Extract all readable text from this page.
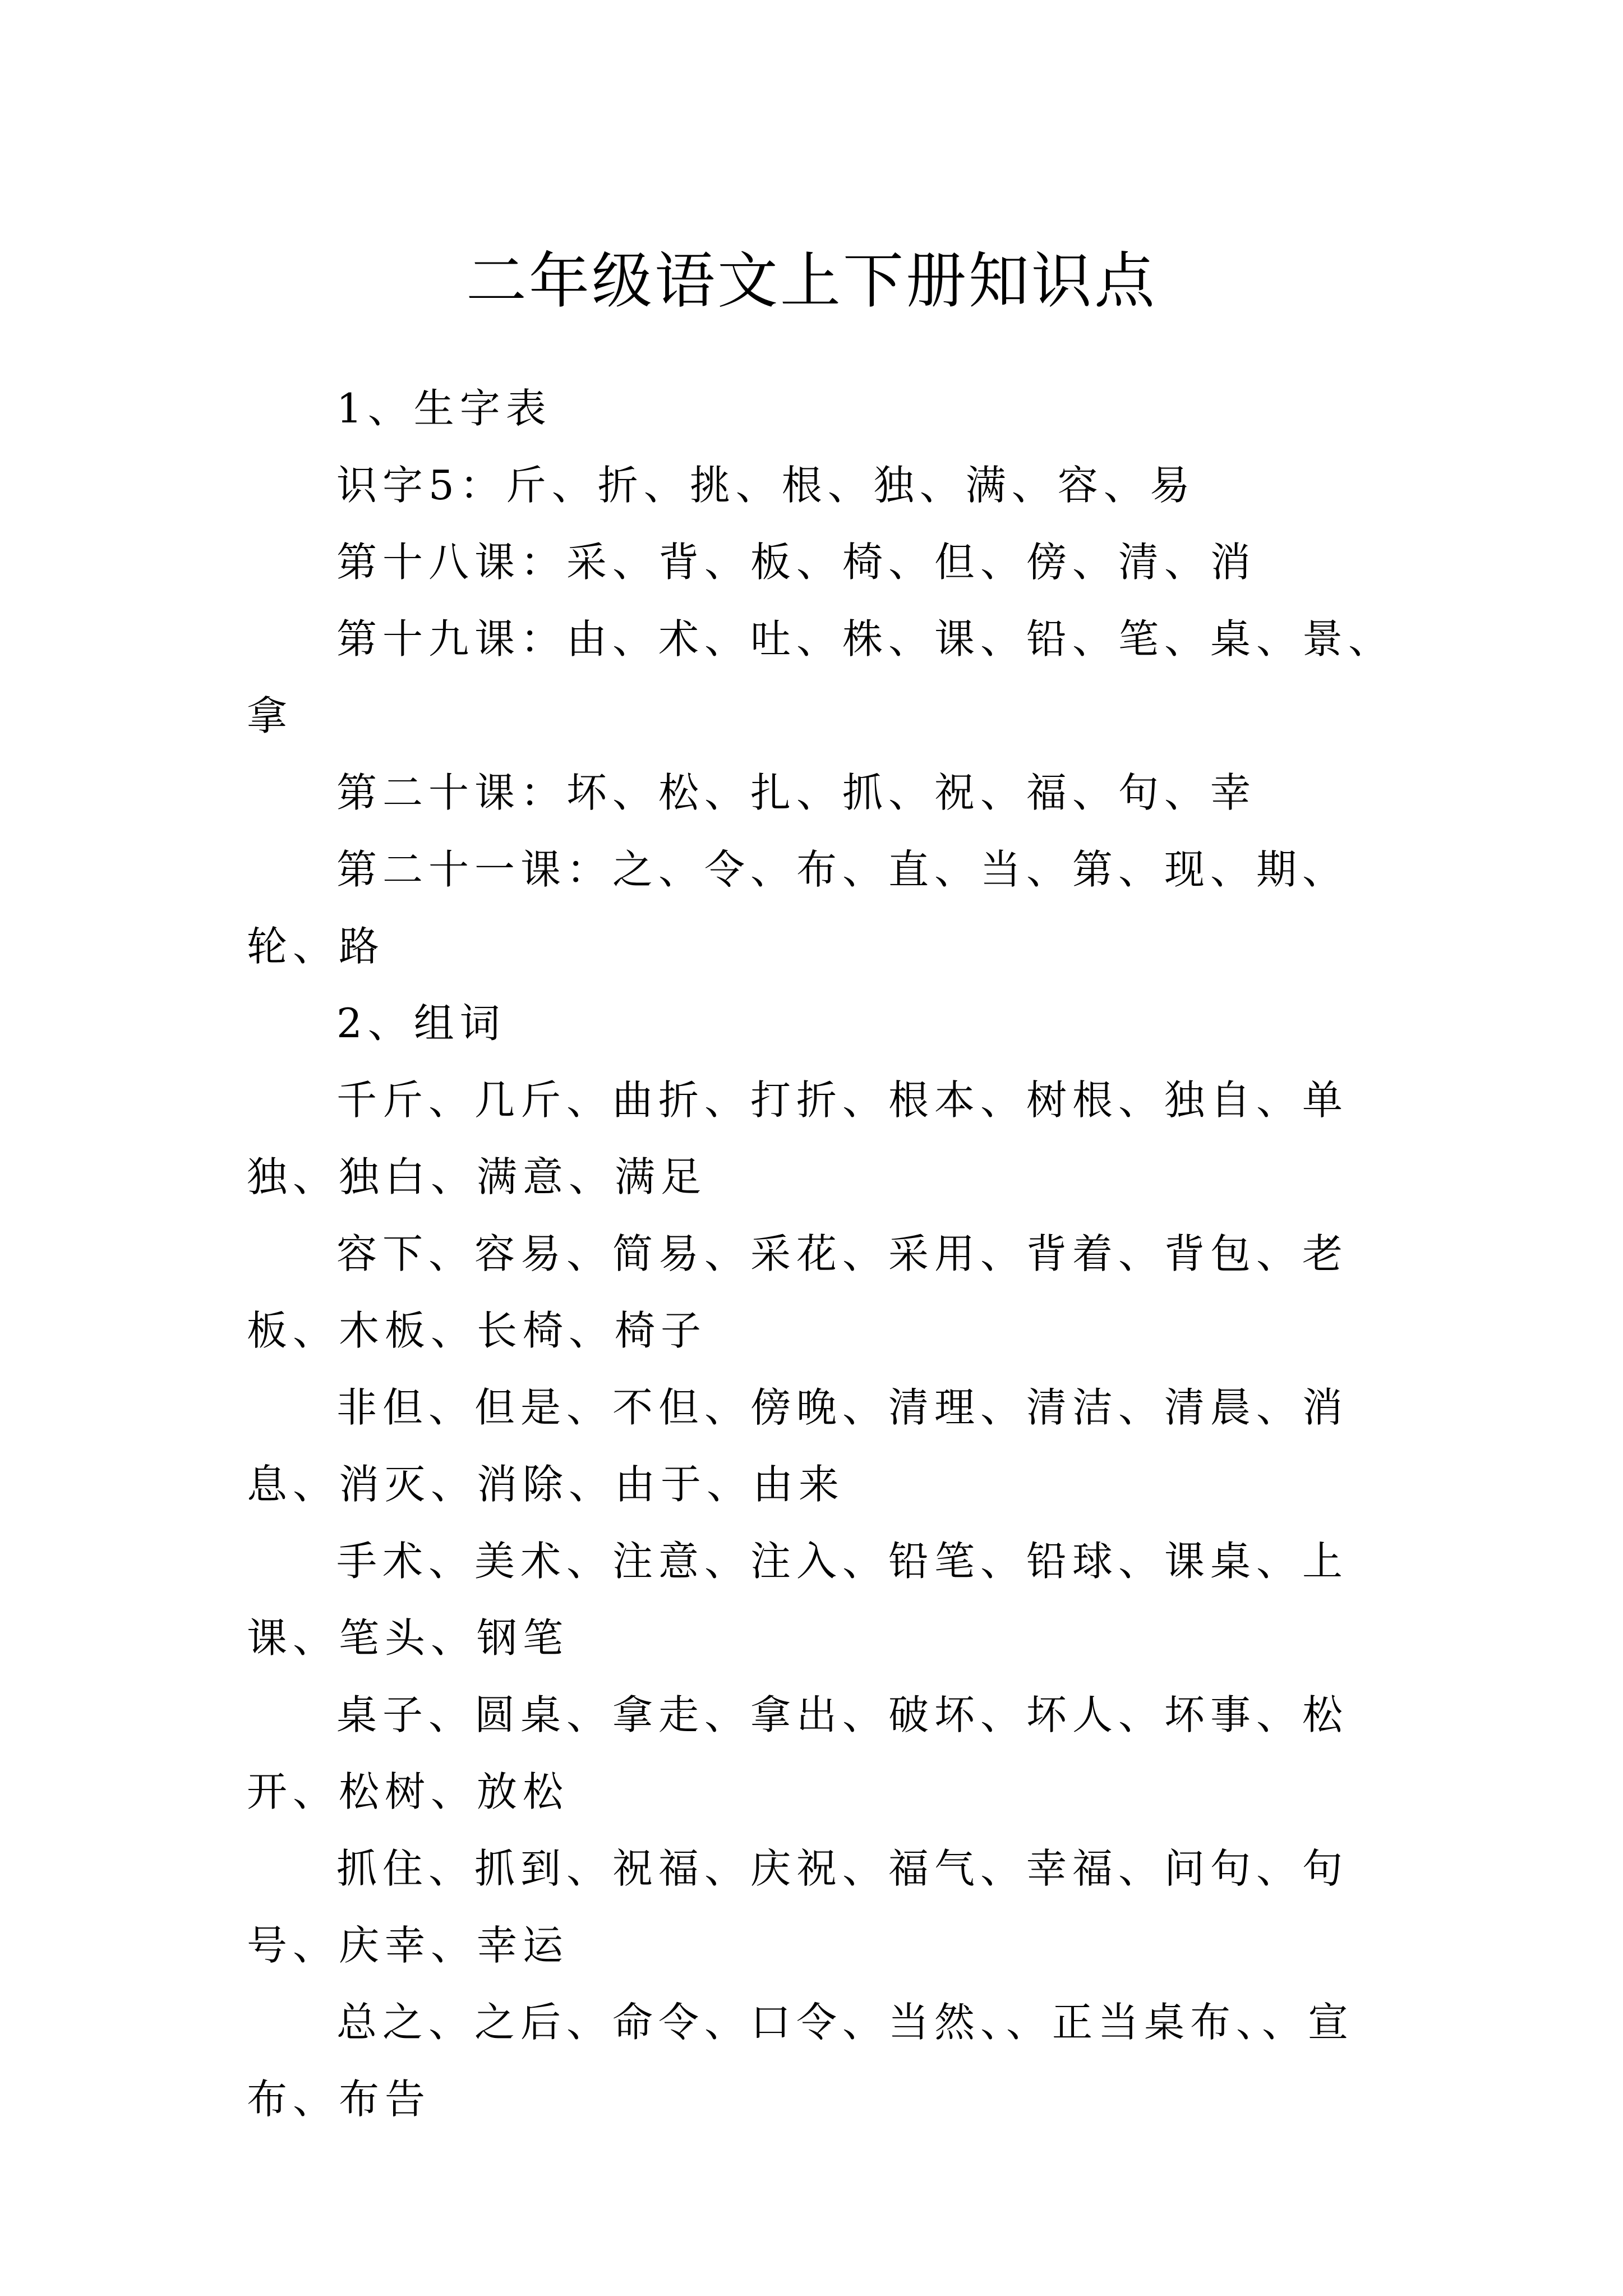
二年级语文上下册知识点

1、生字表

识字5：斤、折、挑、根、独、满、容、易

第十八课：采、背、板、椅、但、傍、清、消

第十九课：由、术、吐、株、课、铅、笔、桌、景、拿

第二十课：坏、松、扎、抓、祝、福、句、幸

第二十一课：之、令、布、直、当、第、现、期、轮、路

2、组词

千斤、几斤、曲折、打折、根本、树根、独自、单独、独白、满意、满足

容下、容易、简易、采花、采用、背着、背包、老板、木板、长椅、椅子

非但、但是、不但、傍晚、清理、清洁、清晨、消息、消灭、消除、由于、由来

手术、美术、注意、注入、铅笔、铅球、课桌、上课、笔头、钢笔

桌子、圆桌、拿走、拿出、破坏、坏人、坏事、松开、松树、放松

抓住、抓到、祝福、庆祝、福气、幸福、问句、句号、庆幸、幸运

总之、之后、命令、口令、当然、、正当桌布、、宣布、布告
